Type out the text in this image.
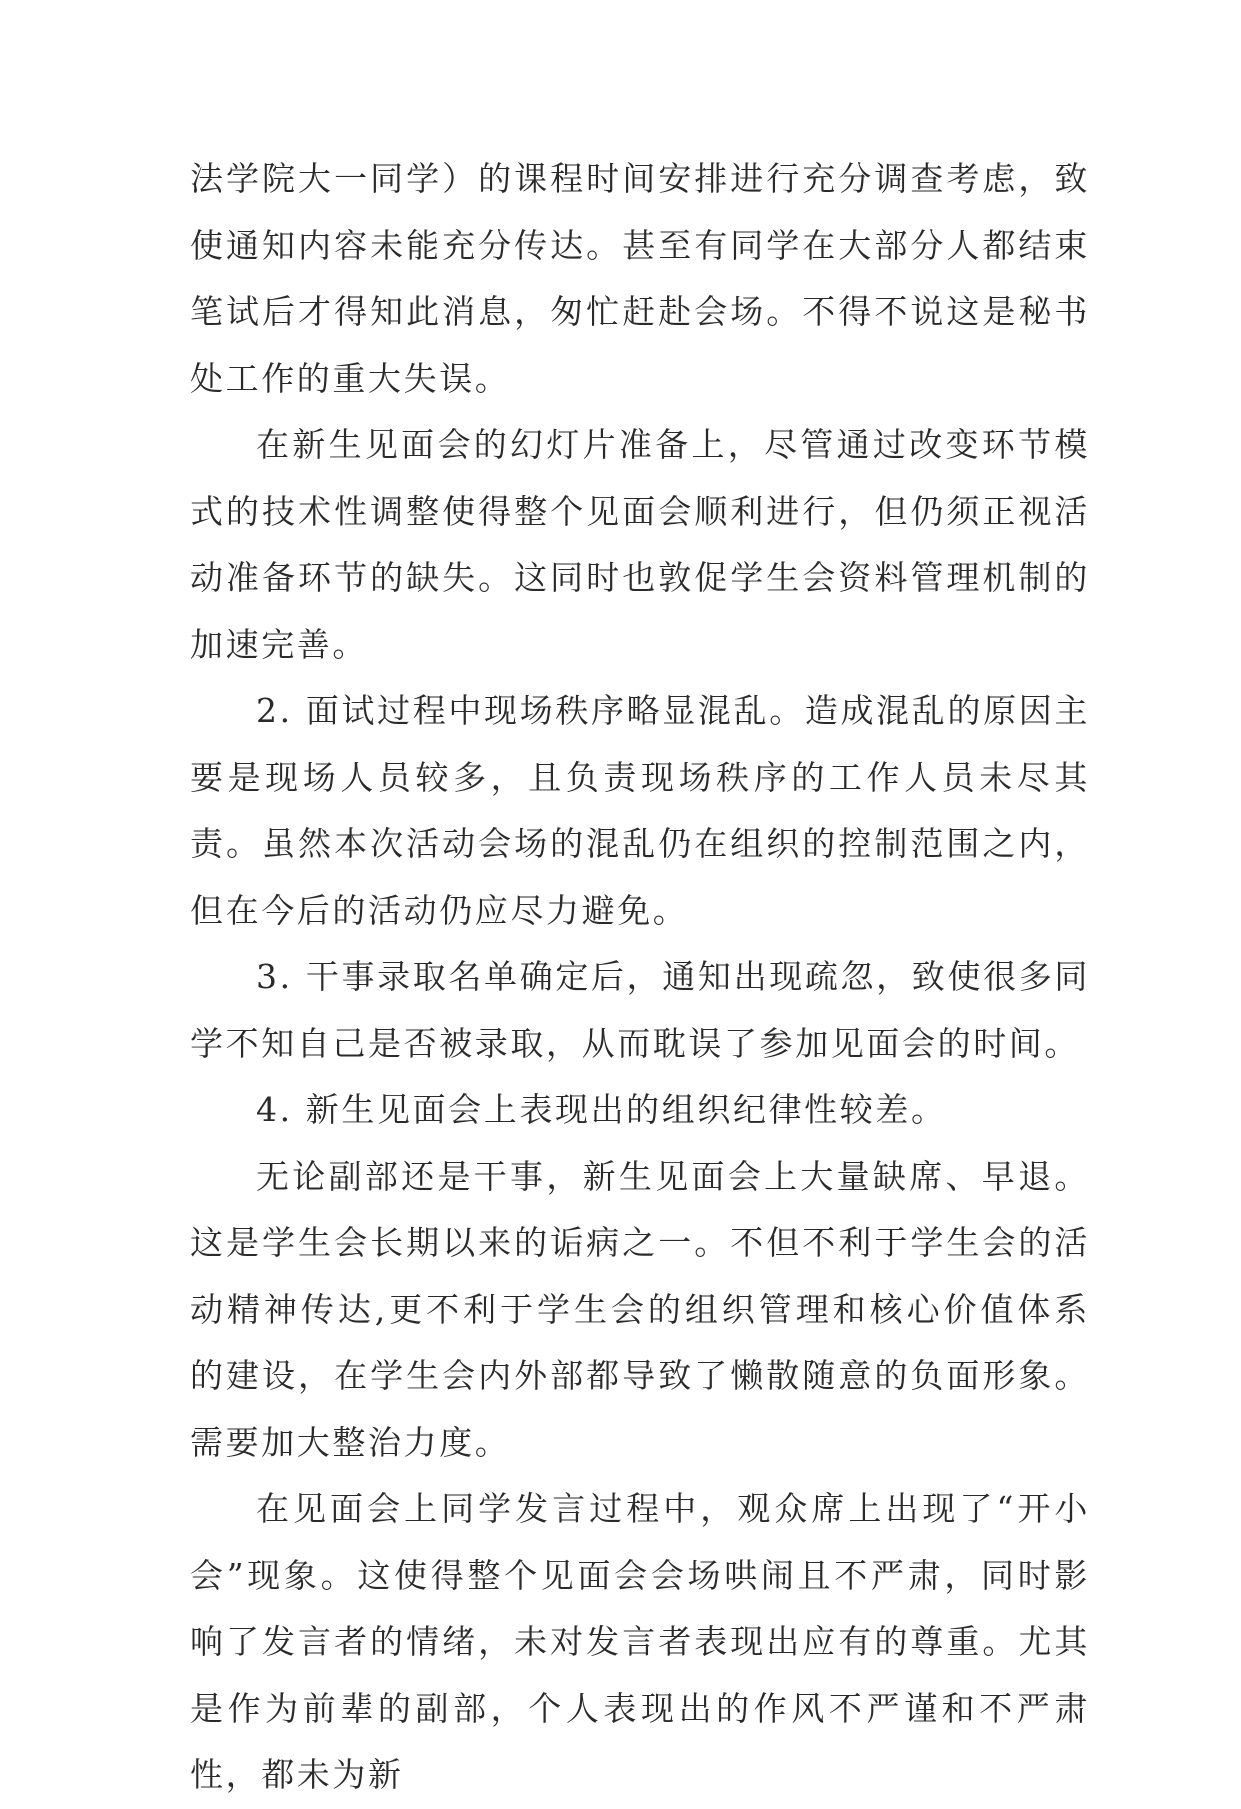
法学院大一同学）的课程时间安排进行充分调查考虑，致使通知内容未能充分传达。甚至有同学在大部分人都结束笔试后才得知此消息，匆忙赶赴会场。不得不说这是秘书处工作的重大失误。

在新生见面会的幻灯片准备上，尽管通过改变环节模式的技术性调整使得整个见面会顺利进行，但仍须正视活动准备环节的缺失。这同时也敦促学生会资料管理机制的加速完善。

2. 面试过程中现场秩序略显混乱。造成混乱的原因主要是现场人员较多，且负责现场秩序的工作人员未尽其责。虽然本次活动会场的混乱仍在组织的控制范围之内，但在今后的活动仍应尽力避免。

3. 干事录取名单确定后，通知出现疏忽，致使很多同学不知自己是否被录取，从而耽误了参加见面会的时间。

4. 新生见面会上表现出的组织纪律性较差。

无论副部还是干事，新生见面会上大量缺席、早退。这是学生会长期以来的诟病之一。不但不利于学生会的活动精神传达,更不利于学生会的组织管理和核心价值体系的建设，在学生会内外部都导致了懒散随意的负面形象。需要加大整治力度。

在见面会上同学发言过程中，观众席上出现了“开小会”现象。这使得整个见面会会场哄闹且不严肃，同时影响了发言者的情绪，未对发言者表现出应有的尊重。尤其是作为前辈的副部，个人表现出的作风不严谨和不严肃性，都未为新
